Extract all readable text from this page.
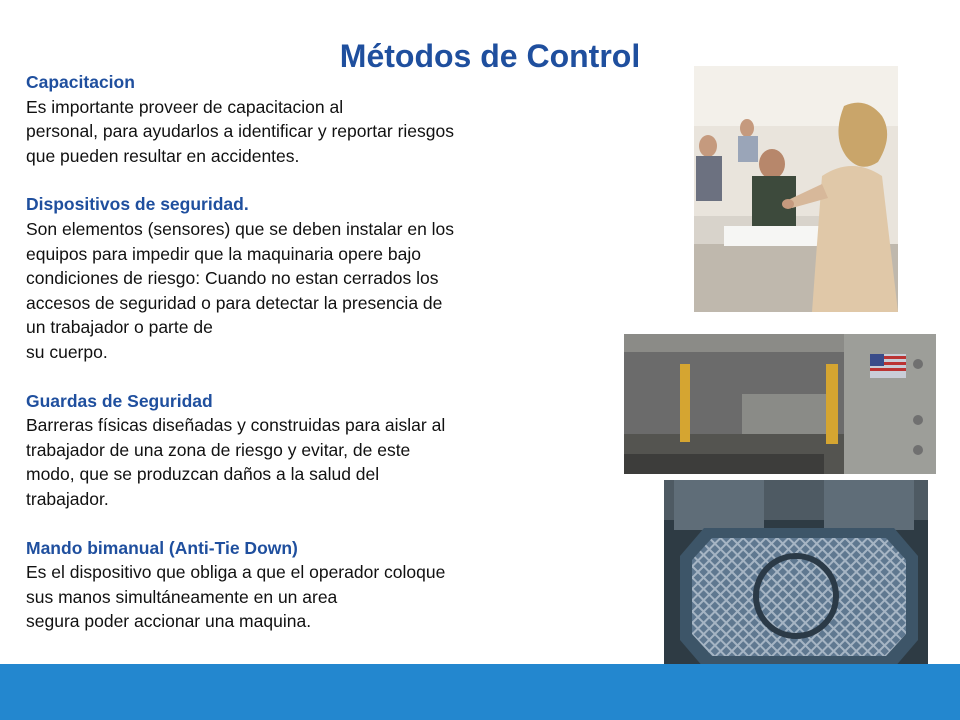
Métodos de Control
Capacitacion
Es importante proveer de capacitacion al
personal, para ayudarlos a identificar y reportar riesgos
que pueden resultar en accidentes.
Dispositivos de seguridad.
Son elementos (sensores) que se deben instalar en los
equipos para impedir que la maquinaria opere bajo
condiciones de riesgo: Cuando no estan cerrados los
accesos de seguridad o para detectar la presencia de
un trabajador o parte de
su cuerpo.
Guardas de Seguridad
Barreras físicas diseñadas y construidas para aislar al
trabajador de una zona de riesgo y evitar, de este
modo, que se produzcan daños a la salud del
trabajador.
Mando bimanual (Anti-Tie Down)
Es el dispositivo que obliga a que el operador coloque
sus manos simultáneamente en un area
segura poder accionar una maquina.
